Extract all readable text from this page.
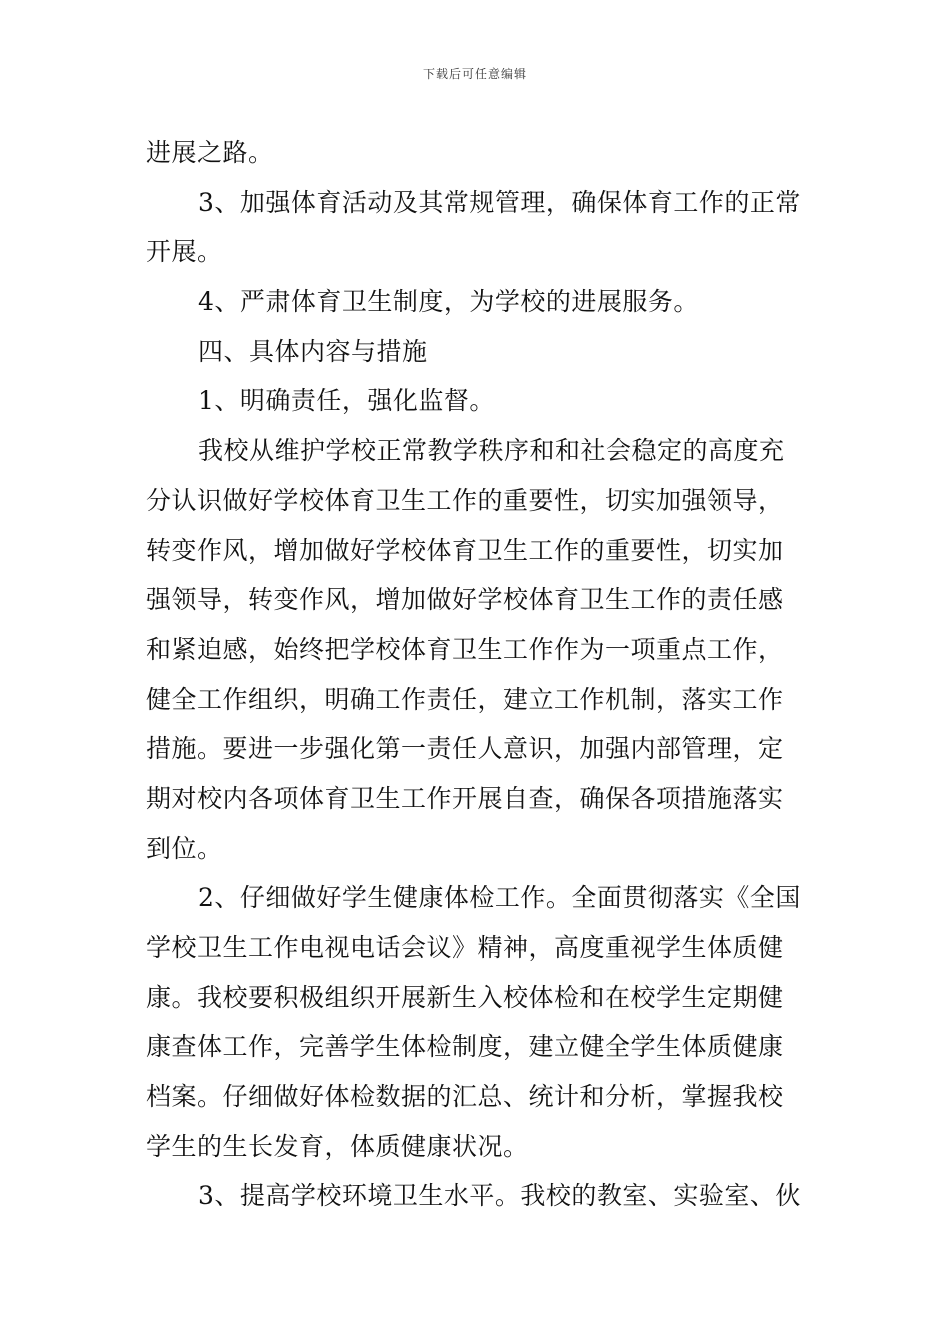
下载后可任意编辑
进展之路。
3、加强体育活动及其常规管理，确保体育工作的正常
开展。
4、严肃体育卫生制度，为学校的进展服务。
四、具体内容与措施
1、明确责任，强化监督。
我校从维护学校正常教学秩序和和社会稳定的高度充
分认识做好学校体育卫生工作的重要性，切实加强领导，
转变作风，增加做好学校体育卫生工作的重要性，切实加
强领导，转变作风，增加做好学校体育卫生工作的责任感
和紧迫感，始终把学校体育卫生工作作为一项重点工作，
健全工作组织，明确工作责任，建立工作机制，落实工作
措施。要进一步强化第一责任人意识，加强内部管理，定
期对校内各项体育卫生工作开展自查，确保各项措施落实
到位。
2、仔细做好学生健康体检工作。全面贯彻落实《全国
学校卫生工作电视电话会议》精神，高度重视学生体质健
康。我校要积极组织开展新生入校体检和在校学生定期健
康查体工作，完善学生体检制度，建立健全学生体质健康
档案。仔细做好体检数据的汇总、统计和分析，掌握我校
学生的生长发育，体质健康状况。
3、提高学校环境卫生水平。我校的教室、实验室、伙
